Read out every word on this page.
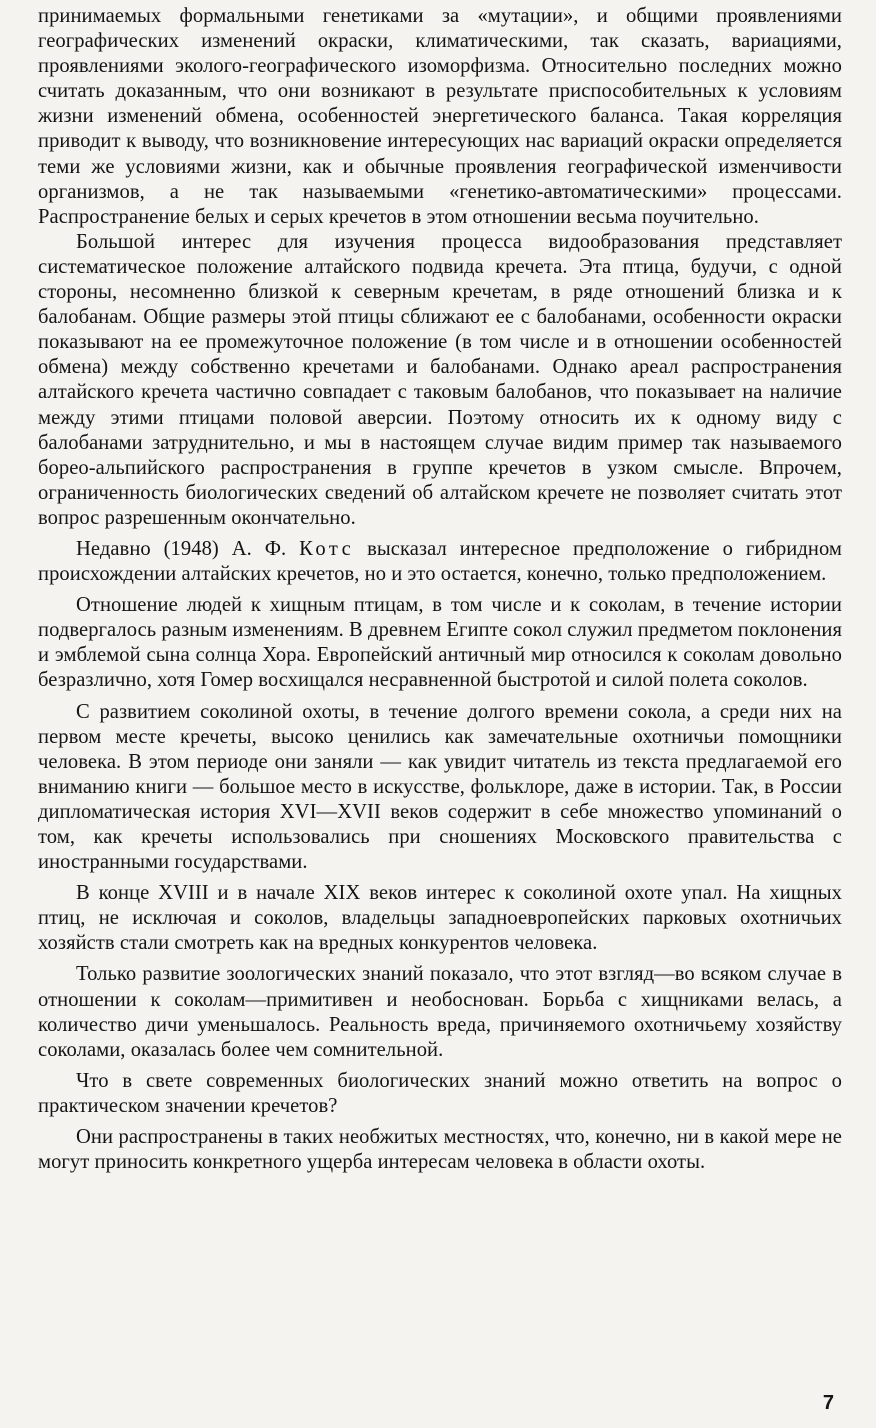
принимаемых формальными генетиками за «мутации», и общими проявлениями географических изменений окраски, климатическими, так сказать, вариациями, проявлениями эколого-географического изоморфизма. Относительно последних можно считать доказанным, что они возникают в результате приспособительных к условиям жизни изменений обмена, особенностей энергетического баланса. Такая корреляция приводит к выводу, что возникновение интересующих нас вариаций окраски определяется теми же условиями жизни, как и обычные проявления географической изменчивости организмов, а не так называемыми «генетико-автоматическими» процессами. Распространение белых и серых кречетов в этом отношении весьма поучительно.

Большой интерес для изучения процесса видообразования представляет систематическое положение алтайского подвида кречета. Эта птица, будучи, с одной стороны, несомненно близкой к северным кречетам, в ряде отношений близка и к балобанам. Общие размеры этой птицы сближают ее с балобанами, особенности окраски показывают на ее промежуточное положение (в том числе и в отношении особенностей обмена) между собственно кречетами и балобанами. Однако ареал распространения алтайского кречета частично совпадает с таковым балобанов, что показывает на наличие между этими птицами половой аверсии. Поэтому относить их к одному виду с балобанами затруднительно, и мы в настоящем случае видим пример так называемого борео-альпийского распространения в группе кречетов в узком смысле. Впрочем, ограниченность биологических сведений об алтайском кречете не позволяет считать этот вопрос разрешенным окончательно.

Недавно (1948) А. Ф. Котс высказал интересное предположение о гибридном происхождении алтайских кречетов, но и это остается, конечно, только предположением.

Отношение людей к хищным птицам, в том числе и к соколам, в течение истории подвергалось разным изменениям. В древнем Египте сокол служил предметом поклонения и эмблемой сына солнца Хора. Европейский античный мир относился к соколам довольно безразлично, хотя Гомер восхищался несравненной быстротой и силой полета соколов.

С развитием соколиной охоты, в течение долгого времени сокола, а среди них на первом месте кречеты, высоко ценились как замечательные охотничьи помощники человека. В этом периоде они заняли — как увидит читатель из текста предлагаемой его вниманию книги — большое место в искусстве, фольклоре, даже в истории. Так, в России дипломатическая история XVI—XVII веков содержит в себе множество упоминаний о том, как кречеты использовались при сношениях Московского правительства с иностранными государствами.

В конце XVIII и в начале XIX веков интерес к соколиной охоте упал. На хищных птиц, не исключая и соколов, владельцы западноевропейских парковых охотничьих хозяйств стали смотреть как на вредных конкурентов человека.

Только развитие зоологических знаний показало, что этот взгляд—во всяком случае в отношении к соколам—примитивен и необоснован. Борьба с хищниками велась, а количество дичи уменьшалось. Реальность вреда, причиняемого охотничьему хозяйству соколами, оказалась более чем сомнительной.

Что в свете современных биологических знаний можно ответить на вопрос о практическом значении кречетов?

Они распространены в таких необжитых местностях, что, конечно, ни в какой мере не могут приносить конкретного ущерба интересам человека в области охоты.

7
